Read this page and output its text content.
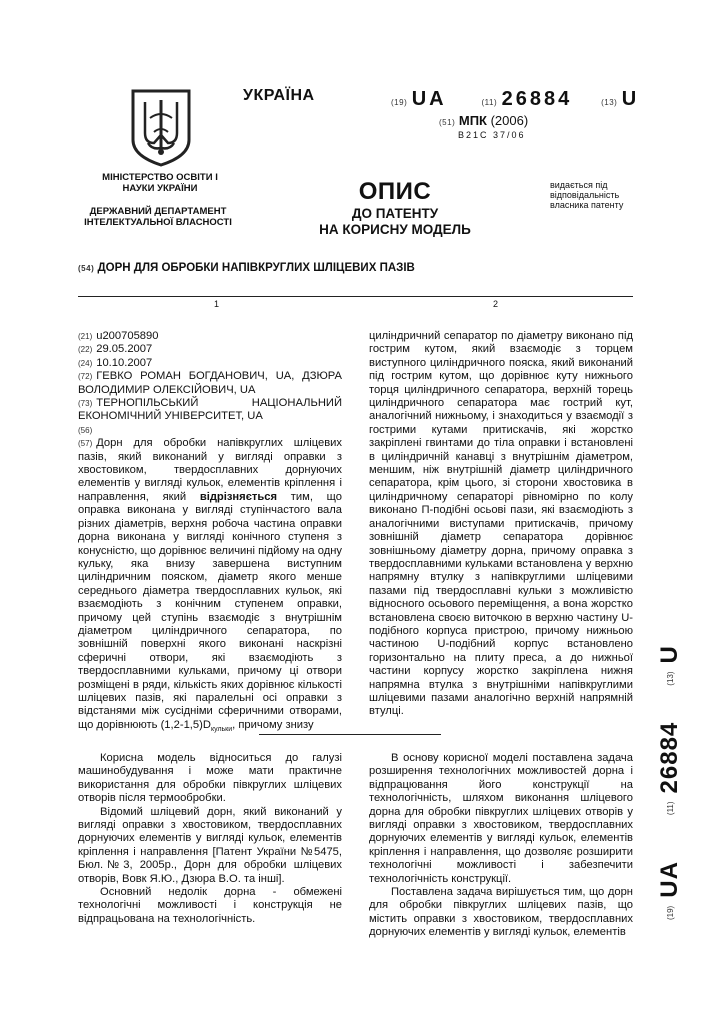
УКРАЇНА
МІНІСТЕРСТВО ОСВІТИ І НАУКИ УКРАЇНИ
ДЕРЖАВНИЙ ДЕПАРТАМЕНТ ІНТЕЛЕКТУАЛЬНОЇ ВЛАСНОСТІ
(19) UA	(11) 26884	(13) U
(51) МПК (2006)
B21C 37/06
ОПИС
ДО ПАТЕНТУ
НА КОРИСНУ МОДЕЛЬ
видається під відповідальність власника патенту
(54) ДОРН ДЛЯ ОБРОБКИ НАПІВКРУГЛИХ ШЛІЦЕВИХ ПАЗІВ
1	2

(21) u200705890

(22) 29.05.2007

(24) 10.10.2007

(72) ГЕВКО РОМАН БОГДАНОВИЧ, UA, ДЗЮРА ВОЛОДИМИР ОЛЕКСІЙОВИЧ, UA

(73) ТЕРНОПІЛЬСЬКИЙ НАЦІОНАЛЬНИЙ ЕКОНОМІЧНИЙ УНІВЕРСИТЕТ, UA

(56)

(57) Дорн для обробки напівкруглих шліцевих пазів, який виконаний у вигляді оправки з хвостовиком, твердосплавних дорнуючих елементів у вигляді кульок, елементів кріплення і направлення, який відрізняється тим, що оправка виконана у вигляді ступінчастого вала різних діаметрів, верхня робоча частина оправки дорна виконана у вигляді конічного ступеня з конусністю, що дорівнює величині підйому на одну кульку, яка внизу завершена виступним циліндричним пояском, діаметр якого менше середнього діаметра твердосплавних кульок, які взаємодіють з конічним ступенем оправки, причому цей ступінь взаємодіє з внутрішнім діаметром циліндричного сепаратора, по зовнішній поверхні якого виконані наскрізні сферичні отвори, які взаємодіють з твердосплавними кульками, причому ці отвори розміщені в ряди, кількість яких дорівнює кількості шліцевих пазів, які паралельні осі оправки з відстанями між сусідніми сферичними отворами, що дорівнюють $(1,2-1,5)D_{кульки}$, причому знизу

циліндричний сепаратор по діаметру виконано під гострим кутом, який взаємодіє з торцем виступного циліндричного пояска, який виконаний під гострим кутом, що дорівнює куту нижнього торця циліндричного сепаратора, верхній торець циліндричного сепаратора має гострий кут, аналогічний нижньому, і знаходиться у взаємодії з гострими кутами притискачів, які жорстко закріплені гвинтами до тіла оправки і встановлені в циліндричній канавці з внутрішнім діаметром, меншим, ніж внутрішній діаметр циліндричного сепаратора, крім цього, зі сторони хвостовика в циліндричному сепараторі рівномірно по колу виконано П-подібні осьові пази, які взаємодіють з аналогічними виступами притискачів, причому зовнішній діаметр сепаратора дорівнює зовнішньому діаметру дорна, причому оправка з твердосплавними кульками встановлена у верхню напрямну втулку з напівкруглими шліцевими пазами під твердосплавні кульки з можливістю відносного осьового переміщення, а вона жорстко встановлена своєю виточкою в верхню частину U-подібного корпуса пристрою, причому нижньою частиною U-подібний корпус встановлено горизонтально на плиту преса, а до нижньої частини корпусу жорстко закріплена нижня напрямна втулка з внутрішніми напівкруглими шліцевими пазами аналогічно верхній напрямній втулці.

Корисна модель відноситься до галузі машинобудування і може мати практичне використання для обробки півкруглих шліцевих отворів після термообробки.

Відомий шліцевий дорн, який виконаний у вигляді оправки з хвостовиком, твердосплавних дорнуючих елементів у вигляді кульок, елементів кріплення і направлення [Патент України №5475, Бюл.№3, 2005р., Дорн для обробки шліцевих отворів, Вовк Я.Ю., Дзюра В.О. та інші].

Основний недолік дорна - обмежені технологічні можливості і конструкція не відпрацьована на технологічність.

В основу корисної моделі поставлена задача розширення технологічних можливостей дорна і відпрацювання його конструкції на технологічність, шляхом виконання шліцевого дорна для обробки півкруглих шліцевих отворів у вигляді оправки з хвостовиком, твердосплавних дорнуючих елементів у вигляді кульок, елементів кріплення і направлення, що дозволяє розширити технологічні можливості і забезпечити технологічність конструкції.

Поставлена задача вирішується тим, що дорн для обробки півкруглих шліцевих пазів, що містить оправки з хвостовиком, твердосплавних дорнуючих елементів у вигляді кульок, елементів

(19)
UA
(11)
26884
(13)
U
